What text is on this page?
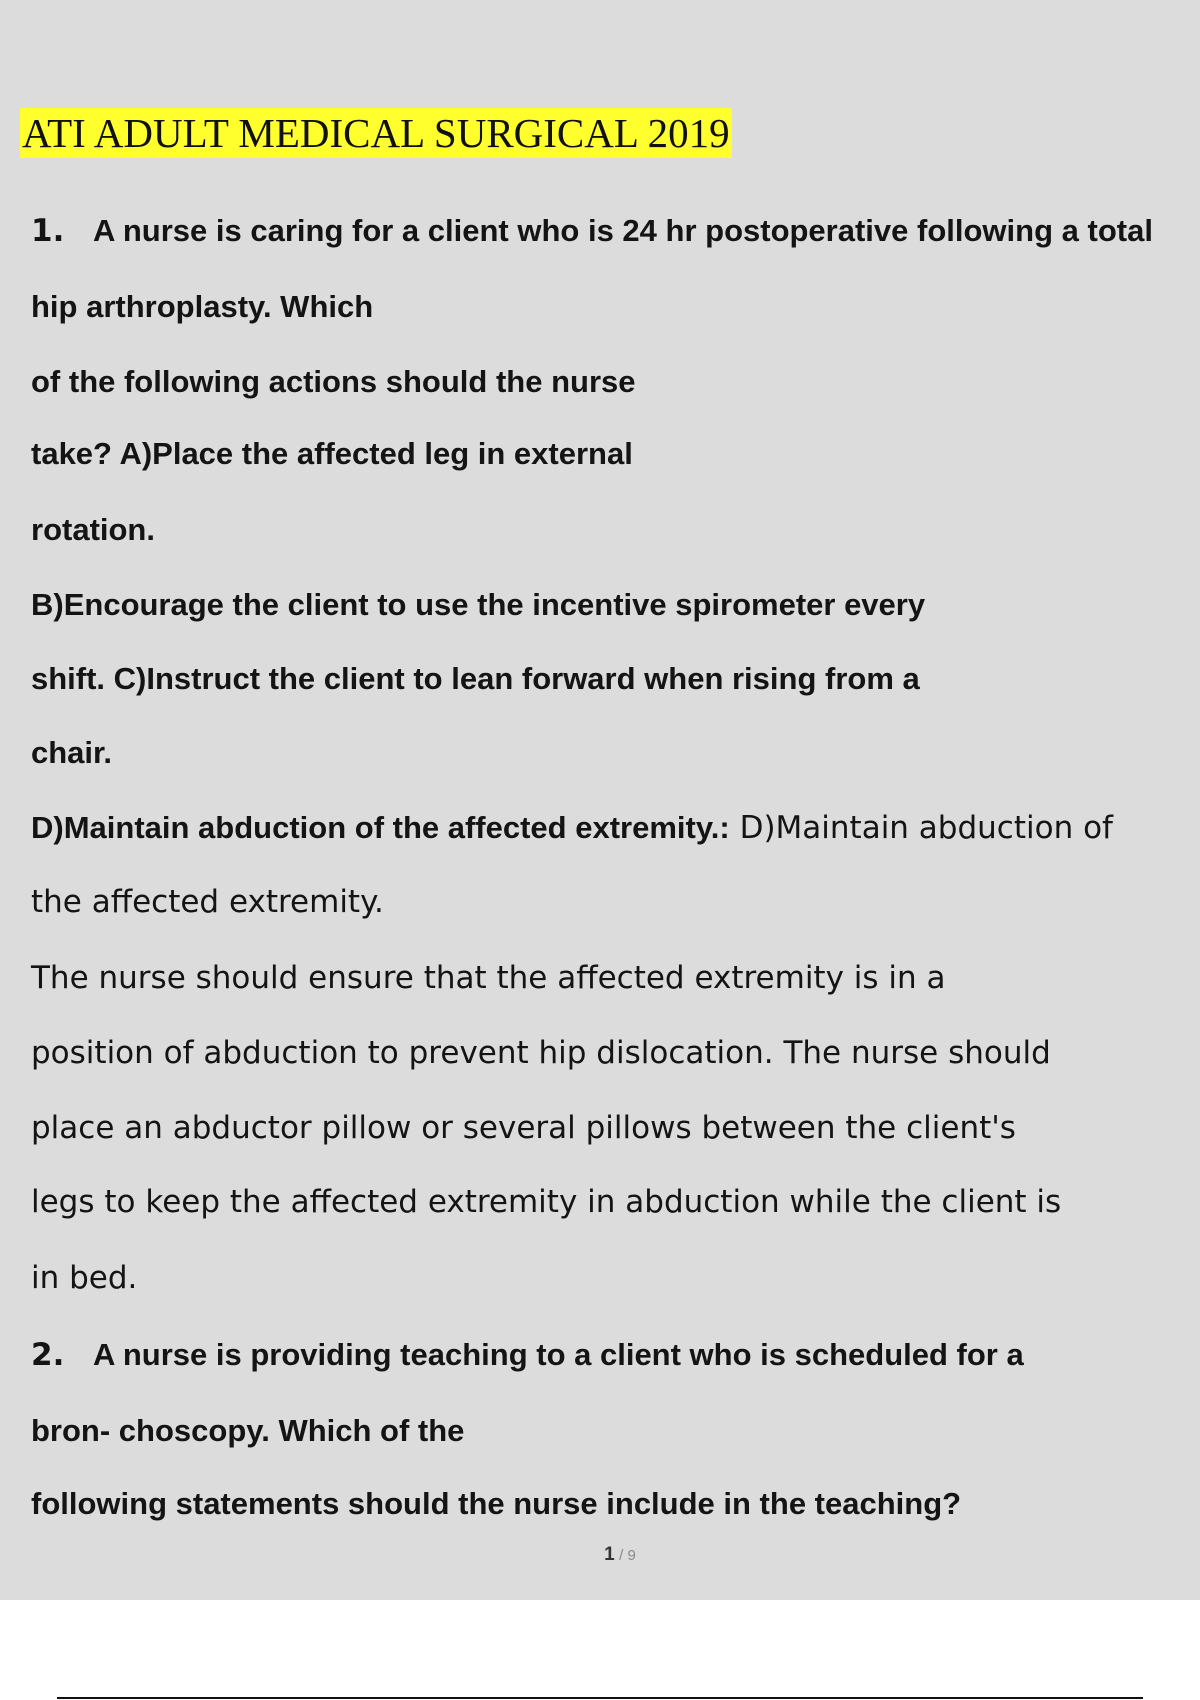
ATI ADULT MEDICAL SURGICAL 2019
1. A nurse is caring for a client who is 24 hr postoperative following a total
hip arthroplasty. Which
of the following actions should the nurse
take? A)Place the affected leg in external
rotation.
B)Encourage the client to use the incentive spirometer every
shift. C)Instruct the client to lean forward when rising from a
chair.
D)Maintain abduction of the affected extremity.: D)Maintain abduction of
the affected extremity.
The nurse should ensure that the affected extremity is in a
position of abduction to prevent hip dislocation. The nurse should
place an abductor pillow or several pillows between the client's
legs to keep the affected extremity in abduction while the client is
in bed.
2. A nurse is providing teaching to a client who is scheduled for a
bron- choscopy. Which of the
following statements should the nurse include in the teaching?
1 / 9
